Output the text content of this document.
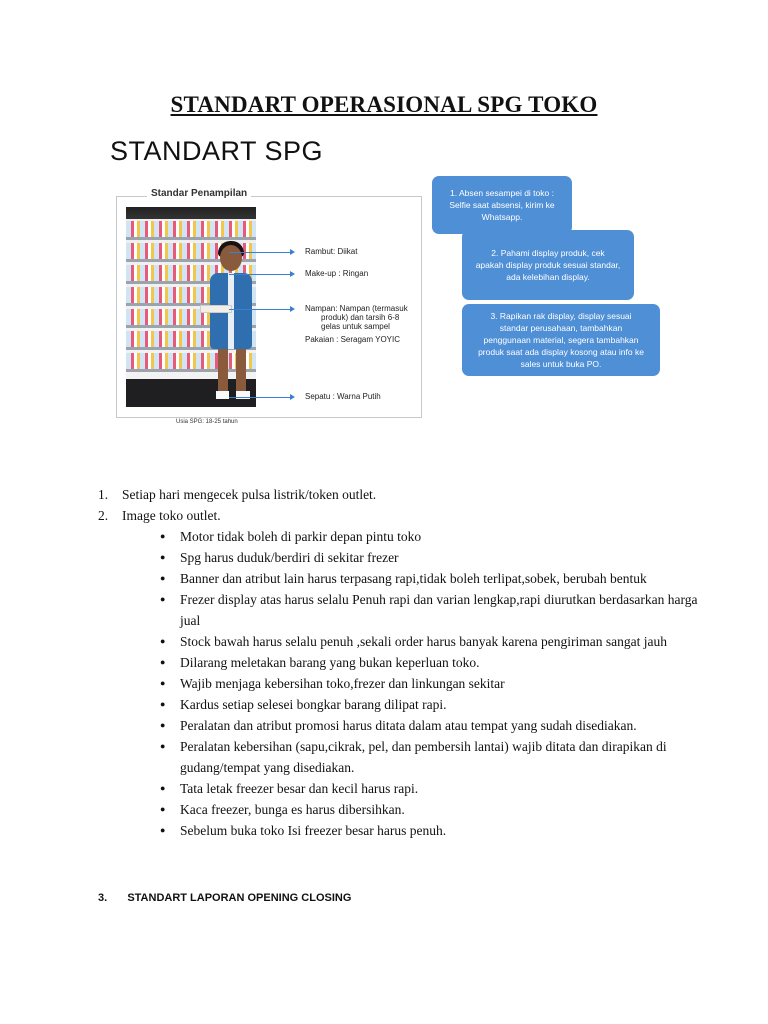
STANDART OPERASIONAL SPG TOKO
STANDART SPG
Standar Penampilan
Rambut: Diikat
Make-up : Ringan
Nampan: Nampan (termasuk
produk) dan tarsih 6-8
gelas untuk sampel
Pakaian : Seragam YOYIC
Sepatu : Warna Putih
Usia SPG: 18-25 tahun
1. Absen sesampei di toko :
Selfie saat absensi, kirim ke
Whatsapp.
2. Pahami display produk, cek
apakah display produk sesuai standar,
ada kelebihan display.
3. Rapikan rak display, display sesuai
standar perusahaan, tambahkan
penggunaan material, segera tambahkan
produk saat ada display kosong atau info ke
sales untuk buka PO.
1.	Setiap hari mengecek pulsa listrik/token outlet.
2.	Image toko outlet.
● Motor tidak boleh di parkir depan pintu toko
● Spg harus duduk/berdiri di sekitar frezer
● Banner dan atribut lain harus terpasang rapi,tidak boleh terlipat,sobek, berubah bentuk
● Frezer display atas harus selalu Penuh rapi dan varian lengkap,rapi diurutkan berdasarkan harga jual
● Stock bawah harus selalu penuh ,sekali order harus banyak karena pengiriman sangat jauh
● Dilarang meletakan barang yang bukan keperluan toko.
● Wajib menjaga kebersihan toko,frezer dan linkungan sekitar
● Kardus setiap selesei bongkar barang dilipat rapi.
● Peralatan dan atribut promosi harus ditata dalam atau tempat yang sudah disediakan.
● Peralatan kebersihan (sapu,cikrak, pel, dan pembersih lantai) wajib ditata dan dirapikan di gudang/tempat yang disediakan.
● Tata letak freezer besar dan kecil harus rapi.
● Kaca freezer, bunga es harus dibersihkan.
● Sebelum buka toko Isi freezer besar harus penuh.
3. STANDART LAPORAN OPENING CLOSING
